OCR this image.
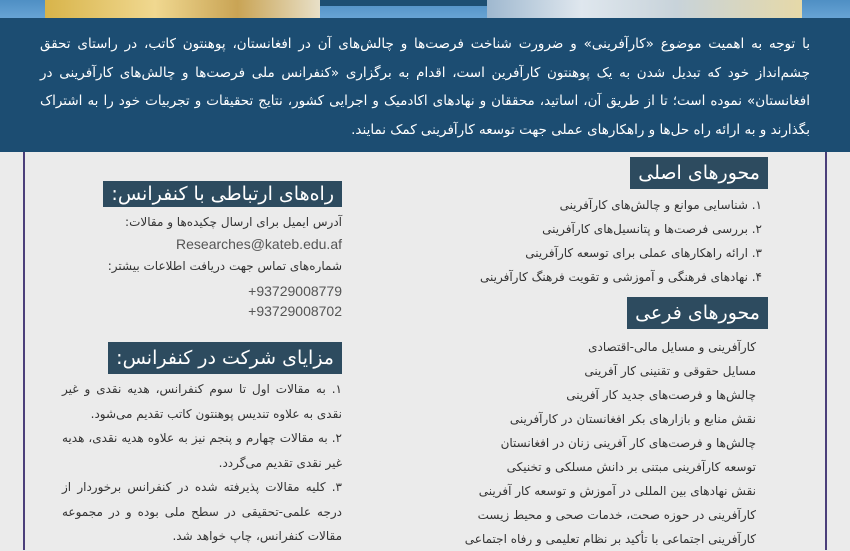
با توجه به اهمیت موضوع «کارآفرینی» و ضرورت شناخت فرصت‌ها و چالش‌های آن در افغانستان، پوهنتون کاتب، در راستای تحقق چشم‌انداز خود که تبدیل شدن به یک پوهنتون کارآفرین است، اقدام به برگزاری «کنفرانس ملی فرصت‌ها و چالش‌های کارآفرینی در افغانستان» نموده است؛ تا از طریق آن، اساتید، محققان و نهادهای اکادمیک و اجرایی کشور، نتایج تحقیقات و تجربیات خود را به اشتراک بگذارند و به ارائه راه حل‌ها و راهکارهای عملی جهت توسعه کارآفرینی کمک نمایند.
محورهای اصلی
۱. شناسایی موانع و چالش‌های کارآفرینی
۲. بررسی فرصت‌ها و پتانسیل‌های کارآفرینی
۳. ارائه راهکارهای عملی برای توسعه کارآفرینی
۴. نهادهای فرهنگی و آموزشی و تقویت فرهنگ کارآفرینی
محورهای فرعی
کارآفرینی و مسایل مالی-اقتصادی
مسایل حقوقی و تقنینی کار آفرینی
چالش‌ها و فرصت‌های جدید کار آفرینی
نقش منابع و بازارهای بکر افغانستان در کارآفرینی
چالش‌ها و فرصت‌های کار آفرینی زنان در افغانستان
توسعه کارآفرینی مبتنی بر دانش مسلکی و تخنیکی
نقش نهادهای بین المللی در آموزش و توسعه کار آفرینی
کارآفرینی در حوزه صحت، خدمات صحی و محیط زیست
کارآفرینی اجتماعی با تأکید بر نظام تعلیمی و رفاه اجتماعی
راه‌های ارتباطی با کنفرانس:
آدرس ایمیل برای ارسال چکیده‌ها و مقالات:
Researches@kateb.edu.af
شماره‌های تماس جهت دریافت اطلاعات بیشتر:
+93729008779
+93729008702
مزایای شرکت در کنفرانس:
۱. به مقالات اول تا سوم کنفرانس، هدیه نقدی و غیر نقدی به علاوه تندیس پوهنتون کاتب تقدیم می‌شود.
۲. به مقالات چهارم و پنجم نیز به علاوه هدیه نقدی، هدیه غیر نقدی تقدیم می‌گردد.
۳. کلیه مقالات پذیرفته شده در کنفرانس برخوردار از درجه علمی-تحقیقی در سطح ملی بوده و در مجموعه مقالات کنفرانس، چاپ خواهد شد.
